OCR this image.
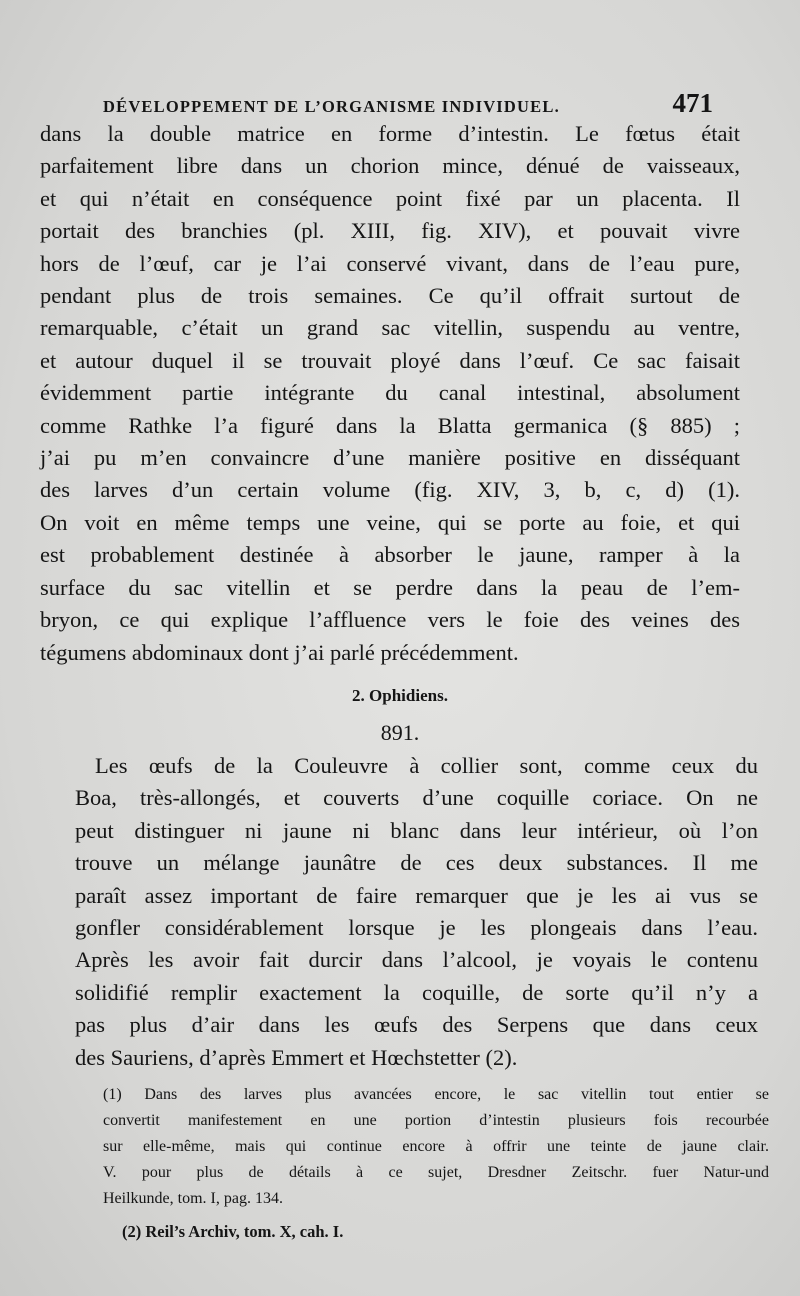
DÉVELOPPEMENT DE L’ORGANISME INDIVIDUEL.	471
dans la double matrice en forme d’intestin. Le fœtus était
parfaitement libre dans un chorion mince, dénué de vaisseaux,
et qui n’était en conséquence point fixé par un placenta. Il
portait des branchies (pl. XIII, fig. XIV), et pouvait vivre
hors de l’œuf, car je l’ai conservé vivant, dans de l’eau pure,
pendant plus de trois semaines. Ce qu’il offrait surtout de
remarquable, c’était un grand sac vitellin, suspendu au ventre,
et autour duquel il se trouvait ployé dans l’œuf. Ce sac faisait
évidemment partie intégrante du canal intestinal, absolument
comme Rathke l’a figuré dans la Blatta germanica (§ 885) ;
j’ai pu m’en convaincre d’une manière positive en disséquant
des larves d’un certain volume (fig. XIV, 3, b, c, d) (1).
On voit en même temps une veine, qui se porte au foie, et qui
est probablement destinée à absorber le jaune, ramper à la
surface du sac vitellin et se perdre dans la peau de l’em-
bryon, ce qui explique l’affluence vers le foie des veines des
tégumens abdominaux dont j’ai parlé précédemment.
2. Ophidiens.
891.
Les œufs de la Couleuvre à collier sont, comme ceux du
Boa, très-allongés, et couverts d’une coquille coriace. On ne
peut distinguer ni jaune ni blanc dans leur intérieur, où l’on
trouve un mélange jaunâtre de ces deux substances. Il me
paraît assez important de faire remarquer que je les ai vus se
gonfler considérablement lorsque je les plongeais dans l’eau.
Après les avoir fait durcir dans l’alcool, je voyais le contenu
solidifié remplir exactement la coquille, de sorte qu’il n’y a
pas plus d’air dans les œufs des Serpens que dans ceux
des Sauriens, d’après Emmert et Hœchstetter (2).
(1) Dans des larves plus avancées encore, le sac vitellin tout entier se
convertit manifestement en une portion d’intestin plusieurs fois recourbée
sur elle-même, mais qui continue encore à offrir une teinte de jaune clair.
V. pour plus de détails à ce sujet, Dresdner Zeitschr. fuer Natur-und
Heilkunde, tom. I, pag. 134.
(2) Reil’s Archiv, tom. X, cah. I.
